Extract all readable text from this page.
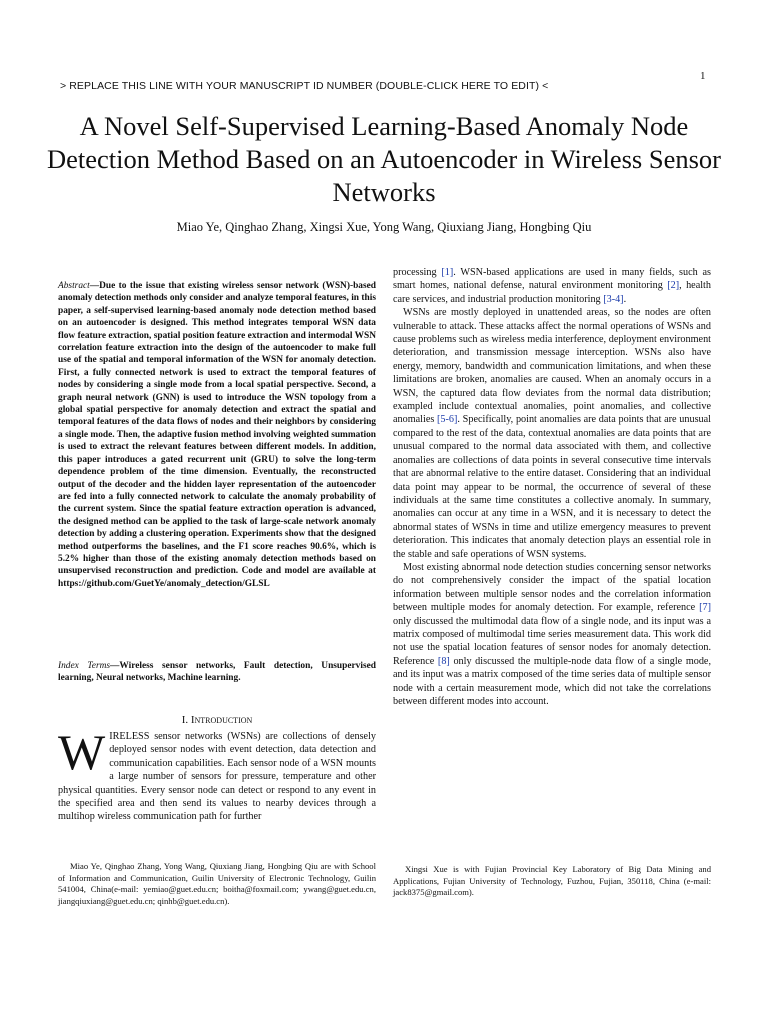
1
> REPLACE THIS LINE WITH YOUR MANUSCRIPT ID NUMBER (DOUBLE-CLICK HERE TO EDIT) <
A Novel Self-Supervised Learning-Based Anomaly Node Detection Method Based on an Autoencoder in Wireless Sensor Networks
Miao Ye, Qinghao Zhang, Xingsi Xue, Yong Wang, Qiuxiang Jiang, Hongbing Qiu
Abstract—Due to the issue that existing wireless sensor network (WSN)-based anomaly detection methods only consider and analyze temporal features, in this paper, a self-supervised learning-based anomaly node detection method based on an autoencoder is designed. This method integrates temporal WSN data flow feature extraction, spatial position feature extraction and intermodal WSN correlation feature extraction into the design of the autoencoder to make full use of the spatial and temporal information of the WSN for anomaly detection. First, a fully connected network is used to extract the temporal features of nodes by considering a single mode from a local spatial perspective. Second, a graph neural network (GNN) is used to introduce the WSN topology from a global spatial perspective for anomaly detection and extract the spatial and temporal features of the data flows of nodes and their neighbors by considering a single mode. Then, the adaptive fusion method involving weighted summation is used to extract the relevant features between different models. In addition, this paper introduces a gated recurrent unit (GRU) to solve the long-term dependence problem of the time dimension. Eventually, the reconstructed output of the decoder and the hidden layer representation of the autoencoder are fed into a fully connected network to calculate the anomaly probability of the current system. Since the spatial feature extraction operation is advanced, the designed method can be applied to the task of large-scale network anomaly detection by adding a clustering operation. Experiments show that the designed method outperforms the baselines, and the F1 score reaches 90.6%, which is 5.2% higher than those of the existing anomaly detection methods based on unsupervised reconstruction and prediction. Code and model are available at https://github.com/GuetYe/anomaly_detection/GLSL
Index Terms—Wireless sensor networks, Fault detection, Unsupervised learning, Neural networks, Machine learning.
I. Introduction
WIRELESS sensor networks (WSNs) are collections of densely deployed sensor nodes with event detection, data detection and communication capabilities. Each sensor node of a WSN mounts a large number of sensors for pressure, temperature and other physical quantities. Every sensor node can detect or respond to any event in the specified area and then send its values to nearby devices through a multihop wireless communication path for further

processing [1]. WSN-based applications are used in many fields, such as smart homes, national defense, natural environment monitoring [2], health care services, and industrial production monitoring [3-4].

WSNs are mostly deployed in unattended areas, so the nodes are often vulnerable to attack. These attacks affect the normal operations of WSNs and cause problems such as wireless media interference, deployment environment deterioration, and transmission message interception. WSNs also have energy, memory, bandwidth and communication limitations, and when these limitations are broken, anomalies are caused. When an anomaly occurs in a WSN, the captured data flow deviates from the normal data distribution; exampled include contextual anomalies, point anomalies, and collective anomalies [5-6]. Specifically, point anomalies are data points that are unusual compared to the rest of the data, contextual anomalies are data points that are unusual compared to the normal data associated with them, and collective anomalies are collections of data points in several consecutive time intervals that are abnormal relative to the entire dataset. Considering that an individual data point may appear to be normal, the occurrence of several of these individuals at the same time constitutes a collective anomaly. In summary, anomalies can occur at any time in a WSN, and it is necessary to detect the abnormal states of WSNs in time and utilize emergency measures to prevent deterioration. This indicates that anomaly detection plays an essential role in the stable and safe operations of WSN systems.

Most existing abnormal node detection studies concerning sensor networks do not comprehensively consider the impact of the spatial location information between multiple sensor nodes and the correlation information between multiple modes for anomaly detection. For example, reference [7] only discussed the multimodal data flow of a single node, and its input was a matrix composed of multimodal time series measurement data. This work did not use the spatial location features of sensor nodes for anomaly detection. Reference [8] only discussed the multiple-node data flow of a single mode, and its input was a matrix composed of the time series data of multiple sensor node with a certain measurement mode, which did not take the correlations between different modes into account.

Miao Ye, Qinghao Zhang, Yong Wang, Qiuxiang Jiang, Hongbing Qiu are with School of Information and Communication, Guilin University of Electronic Technology, Guilin 541004, China(e-mail: yemiao@guet.edu.cn; boitha@foxmail.com; ywang@guet.edu.cn, jiangqiuxiang@guet.edu.cn; qinhb@guet.edu.cn).
Xingsi Xue is with Fujian Provincial Key Laboratory of Big Data Mining and Applications, Fujian University of Technology, Fuzhou, Fujian, 350118, China (e-mail: jack8375@gmail.com).
